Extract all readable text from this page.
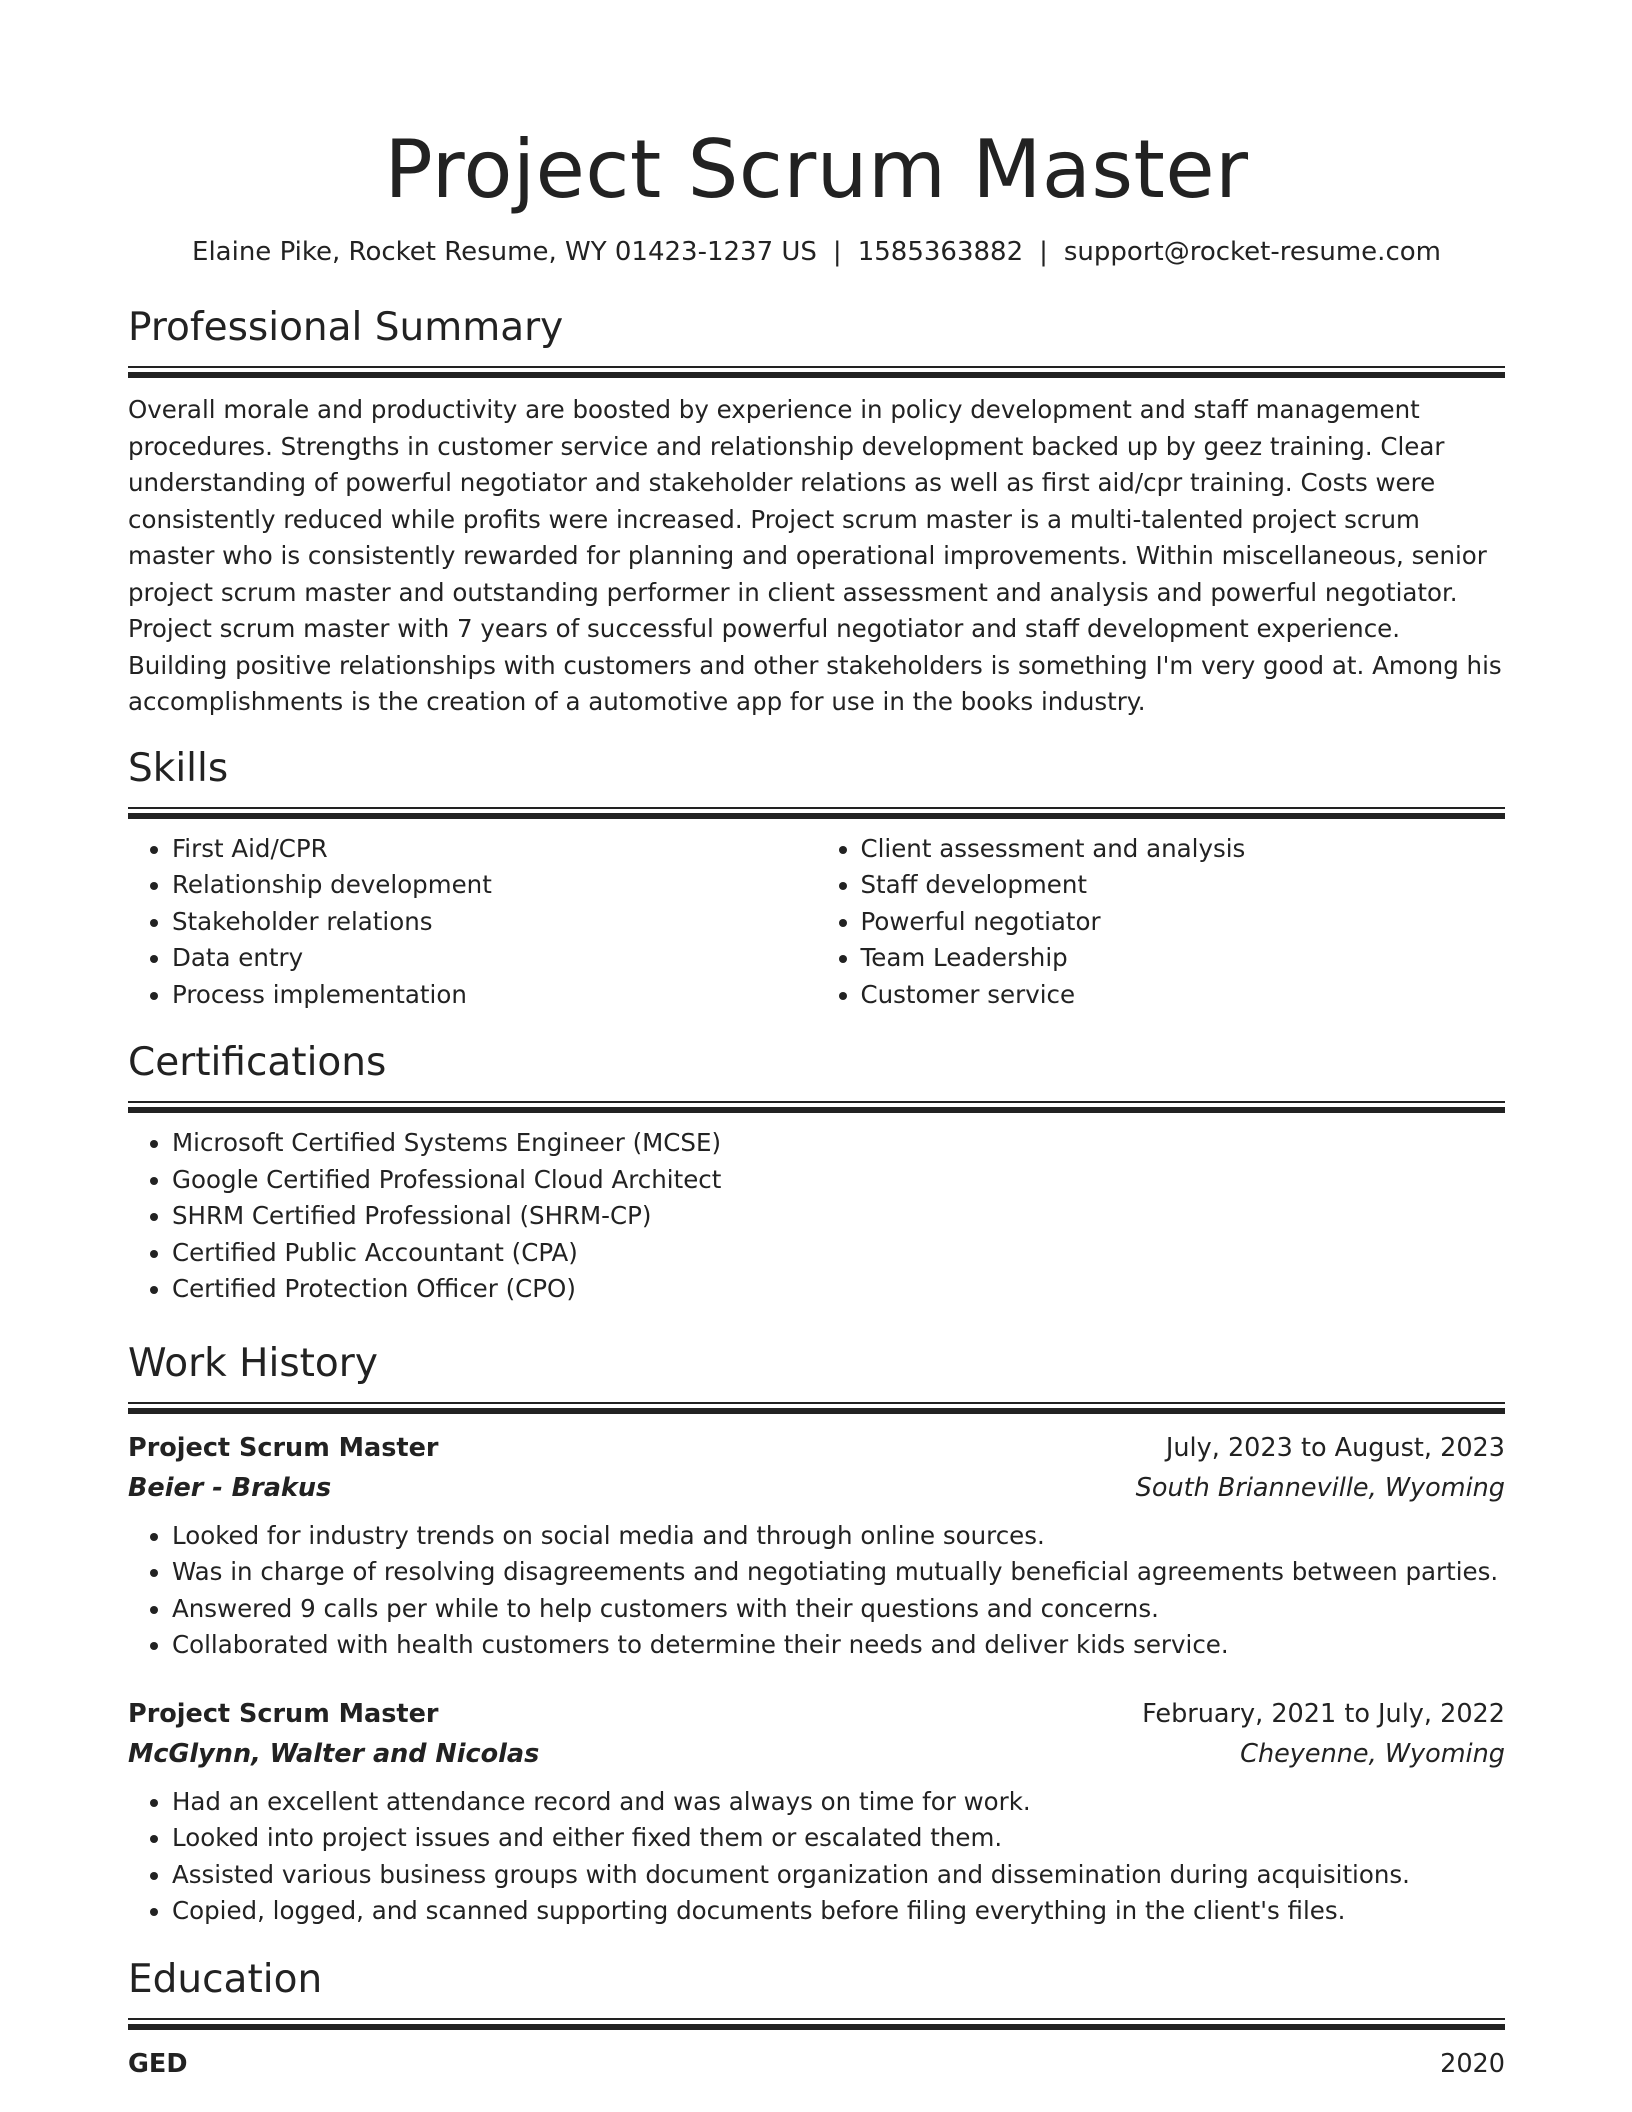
Project Scrum Master
Elaine Pike, Rocket Resume, WY 01423-1237 US | 1585363882 | support@rocket-resume.com
Professional Summary
Overall morale and productivity are boosted by experience in policy development and staff management procedures. Strengths in customer service and relationship development backed up by geez training. Clear understanding of powerful negotiator and stakeholder relations as well as first aid/cpr training. Costs were consistently reduced while profits were increased. Project scrum master is a multi-talented project scrum master who is consistently rewarded for planning and operational improvements. Within miscellaneous, senior project scrum master and outstanding performer in client assessment and analysis and powerful negotiator. Project scrum master with 7 years of successful powerful negotiator and staff development experience. Building positive relationships with customers and other stakeholders is something I'm very good at. Among his accomplishments is the creation of a automotive app for use in the books industry.
Skills
• First Aid/CPR
• Relationship development
• Stakeholder relations
• Data entry
• Process implementation
• Client assessment and analysis
• Staff development
• Powerful negotiator
• Team Leadership
• Customer service
Certifications
• Microsoft Certified Systems Engineer (MCSE)
• Google Certified Professional Cloud Architect
• SHRM Certified Professional (SHRM-CP)
• Certified Public Accountant (CPA)
• Certified Protection Officer (CPO)
Work History
Project Scrum Master	July, 2023 to August, 2023
Beier - Brakus	South Brianneville, Wyoming
• Looked for industry trends on social media and through online sources.
• Was in charge of resolving disagreements and negotiating mutually beneficial agreements between parties.
• Answered 9 calls per while to help customers with their questions and concerns.
• Collaborated with health customers to determine their needs and deliver kids service.
Project Scrum Master	February, 2021 to July, 2022
McGlynn, Walter and Nicolas	Cheyenne, Wyoming
• Had an excellent attendance record and was always on time for work.
• Looked into project issues and either fixed them or escalated them.
• Assisted various business groups with document organization and dissemination during acquisitions.
• Copied, logged, and scanned supporting documents before filing everything in the client's files.
Education
GED	2020
